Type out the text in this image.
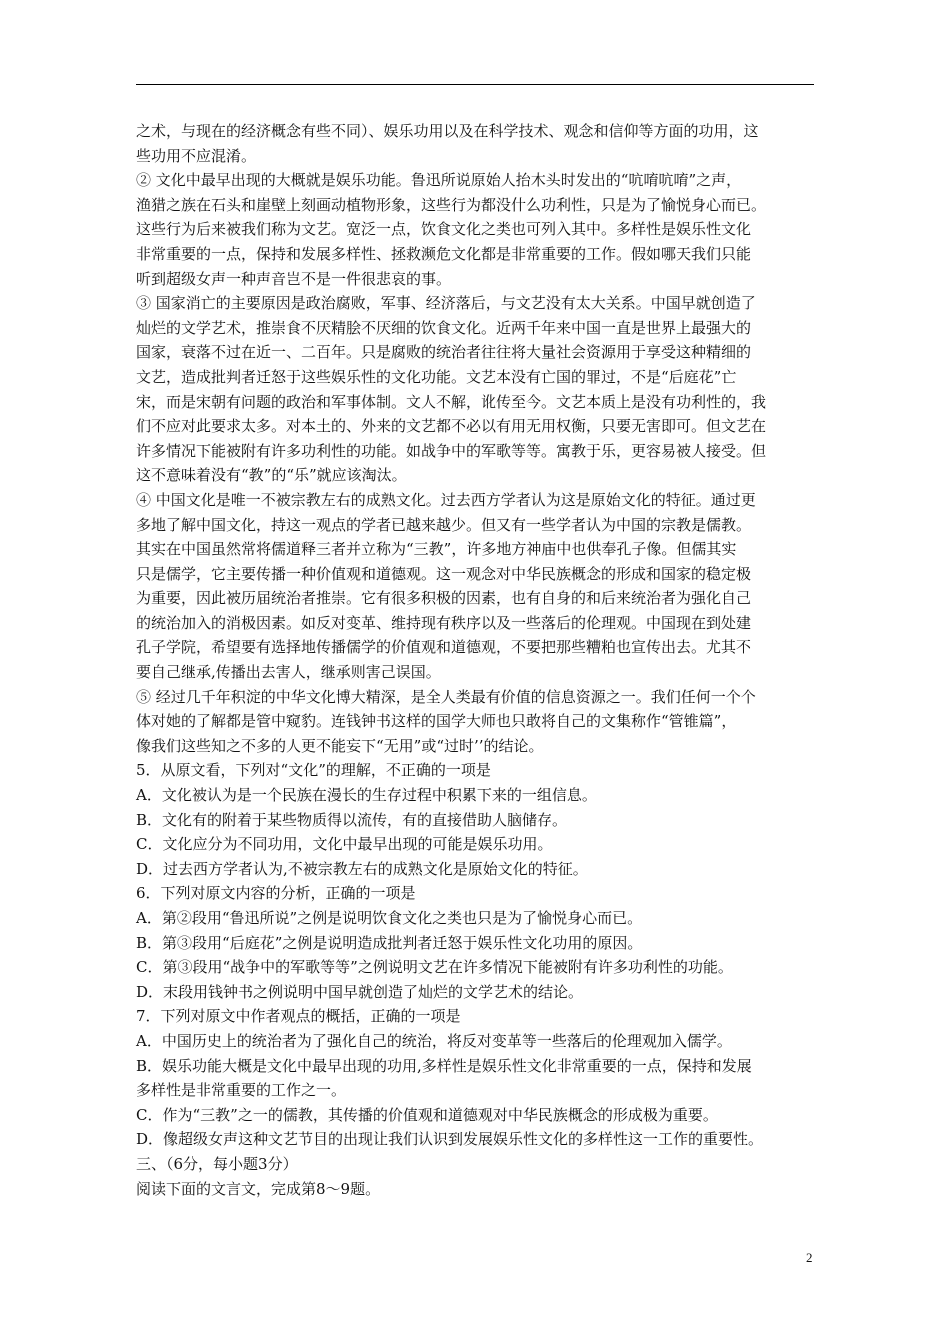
之术，与现在的经济概念有些不同）、娱乐功用以及在科学技术、观念和信仰等方面的功用，这
些功用不应混淆。
② 文化中最早出现的大概就是娱乐功能。鲁迅所说原始人抬木头时发出的“吭唷吭唷”之声，
渔猎之族在石头和崖壁上刻画动植物形象，这些行为都没什么功利性，只是为了愉悦身心而已。
这些行为后来被我们称为文艺。宽泛一点，饮食文化之类也可列入其中。多样性是娱乐性文化
非常重要的一点，保持和发展多样性、拯救濒危文化都是非常重要的工作。假如哪天我们只能
听到超级女声一种声音岂不是一件很悲哀的事。
③ 国家消亡的主要原因是政治腐败，军事、经济落后，与文艺没有太大关系。中国早就创造了
灿烂的文学艺术，推崇食不厌精脍不厌细的饮食文化。近两千年来中国一直是世界上最强大的
国家，衰落不过在近一、二百年。只是腐败的统治者往往将大量社会资源用于享受这种精细的
文艺，造成批判者迁怒于这些娱乐性的文化功能。文艺本没有亡国的罪过，不是“后庭花”亡
宋，而是宋朝有问题的政治和军事体制。文人不解，讹传至今。文艺本质上是没有功利性的，我
们不应对此要求太多。对本土的、外来的文艺都不必以有用无用权衡，只要无害即可。但文艺在
许多情况下能被附有许多功利性的功能。如战争中的军歌等等。寓教于乐，更容易被人接受。但
这不意味着没有“教”的“乐”就应该淘汰。
④ 中国文化是唯一不被宗教左右的成熟文化。过去西方学者认为这是原始文化的特征。通过更
多地了解中国文化，持这一观点的学者已越来越少。但又有一些学者认为中国的宗教是儒教。
其实在中国虽然常将儒道释三者并立称为“三教”，许多地方神庙中也供奉孔子像。但儒其实
只是儒学，它主要传播一种价值观和道德观。这一观念对中华民族概念的形成和国家的稳定极
为重要，因此被历届统治者推崇。它有很多积极的因素，也有自身的和后来统治者为强化自己
的统治加入的消极因素。如反对变革、维持现有秩序以及一些落后的伦理观。中国现在到处建
孔子学院，希望要有选择地传播儒学的价值观和道德观，不要把那些糟粕也宣传出去。尤其不
要自己继承,传播出去害人，继承则害己误国。
⑤ 经过几千年积淀的中华文化博大精深，是全人类最有价值的信息资源之一。我们任何一个个
体对她的了解都是管中窥豹。连钱钟书这样的国学大师也只敢将自己的文集称作“管锥篇”，
像我们这些知之不多的人更不能妄下“无用”或“过时’’的结论。
5．从原文看，下列对“文化”的理解，不正确的一项是
A．文化被认为是一个民族在漫长的生存过程中积累下来的一组信息。
B．文化有的附着于某些物质得以流传，有的直接借助人脑储存。
C．文化应分为不同功用，文化中最早出现的可能是娱乐功用。
D．过去西方学者认为,不被宗教左右的成熟文化是原始文化的特征。
6．下列对原文内容的分析，正确的一项是
A．第②段用“鲁迅所说”之例是说明饮食文化之类也只是为了愉悦身心而已。
B．第③段用“后庭花”之例是说明造成批判者迁怒于娱乐性文化功用的原因。
C．第③段用“战争中的军歌等等”之例说明文艺在许多情况下能被附有许多功利性的功能。
D．末段用钱钟书之例说明中国早就创造了灿烂的文学艺术的结论。
7．下列对原文中作者观点的概括，正确的一项是
A．中国历史上的统治者为了强化自己的统治，将反对变革等一些落后的伦理观加入儒学。
B．娱乐功能大概是文化中最早出现的功用,多样性是娱乐性文化非常重要的一点，保持和发展
多样性是非常重要的工作之一。
C．作为“三教”之一的儒教，其传播的价值观和道德观对中华民族概念的形成极为重要。
D．像超级女声这种文艺节目的出现让我们认识到发展娱乐性文化的多样性这一工作的重要性。
三、（6分，每小题3分）
阅读下面的文言文，完成第8～9题。
2
